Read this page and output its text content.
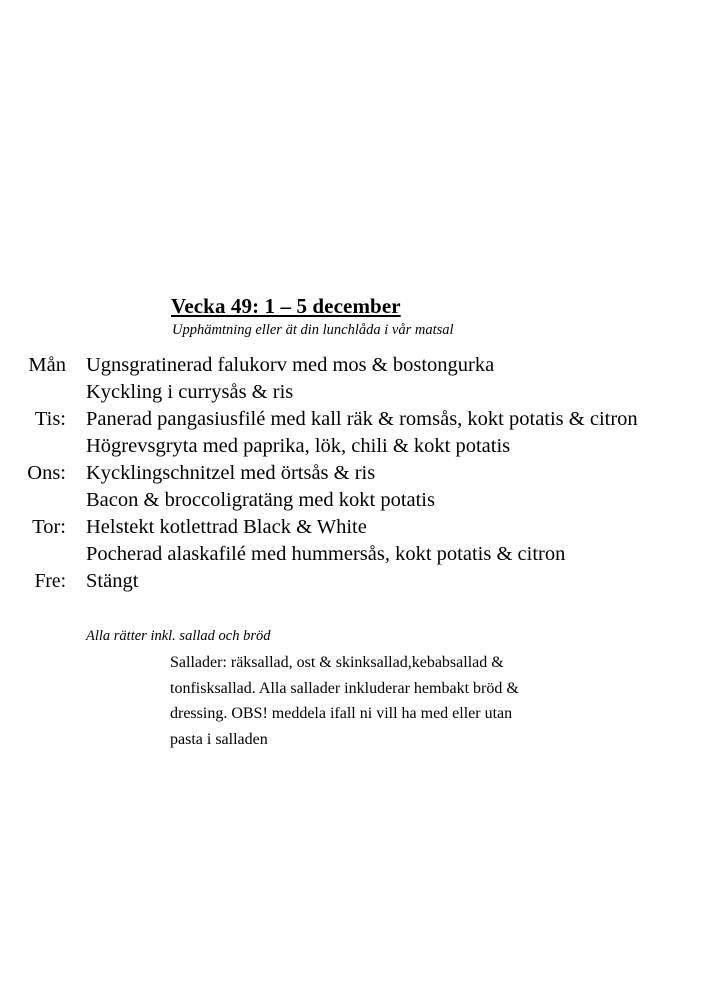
Vecka 49: 1 – 5 december
Upphämtning eller ät din lunchlåda i vår matsal
Mån Ugnsgratinerad falukorv med mos & bostongurka
Kyckling i currysås & ris
Tis: Panerad pangasiusfilé med kall räk & romsås, kokt potatis & citron
Högrevsgryta med paprika, lök, chili & kokt potatis
Ons: Kycklingschnitzel med örtsås & ris
Bacon & broccoligratäng med kokt potatis
Tor: Helstekt kotlettrad Black & White
Pocherad alaskafilé med hummersås, kokt potatis & citron
Fre: Stängt
Alla rätter inkl. sallad och bröd
Sallader: räksallad, ost & skinksallad,kebabsallad &
tonfisksallad. Alla sallader inkluderar hembakt bröd &
dressing. OBS! meddela ifall ni vill ha med eller utan
pasta i salladen
